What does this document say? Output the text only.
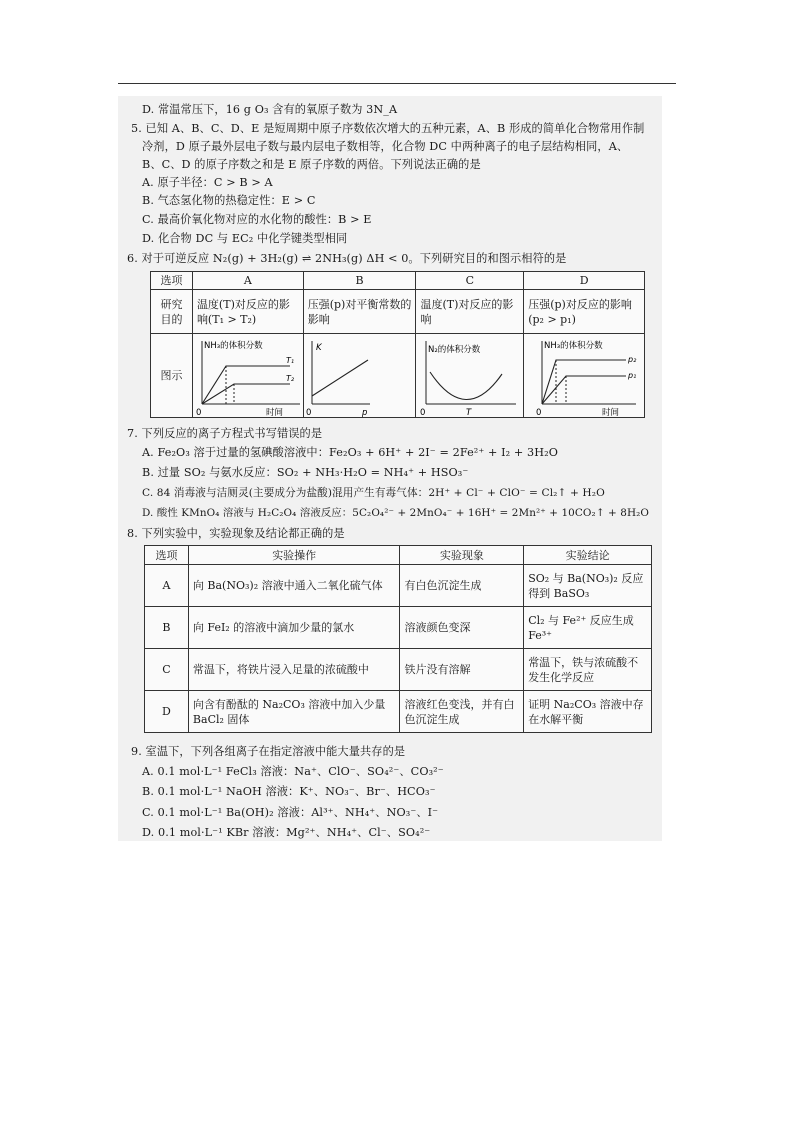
D. 常温常压下，16 g O₃ 含有的氧原子数为 3N_A
5. 已知 A、B、C、D、E 是短周期中原子序数依次增大的五种元素，A、B 形成的简单化合物常用作制
冷剂，D 原子最外层电子数与最内层电子数相等，化合物 DC 中两种离子的电子层结构相同，A、
B、C、D 的原子序数之和是 E 原子序数的两倍。下列说法正确的是
A. 原子半径：C > B > A
B. 气态氢化物的热稳定性：E > C
C. 最高价氧化物对应的水化物的酸性：B > E
D. 化合物 DC 与 EC₂ 中化学键类型相同
6. 对于可逆反应 N₂(g) + 3H₂(g) ⇌ 2NH₃(g) ΔH < 0。下列研究目的和图示相符的是
选项	A	B	C	D
研究目的	温度(T)对反应的影响(T₁ > T₂)	压强(p)对平衡常数的影响	温度(T)对反应的影响	压强(p)对反应的影响(p₂ > p₁)
图示				
NH₃的体积分数
时间
0
T₁
T₂
K
p
0
N₂的体积分数
T
0
NH₃的体积分数
时间
0
p₂
p₁
7. 下列反应的离子方程式书写错误的是
A. Fe₂O₃ 溶于过量的氢碘酸溶液中：Fe₂O₃ + 6H⁺ + 2I⁻ = 2Fe²⁺ + I₂ + 3H₂O
B. 过量 SO₂ 与氨水反应：SO₂ + NH₃·H₂O = NH₄⁺ + HSO₃⁻
C. 84 消毒液与洁厕灵(主要成分为盐酸)混用产生有毒气体：2H⁺ + Cl⁻ + ClO⁻ = Cl₂↑ + H₂O
D. 酸性 KMnO₄ 溶液与 H₂C₂O₄ 溶液反应：5C₂O₄²⁻ + 2MnO₄⁻ + 16H⁺ = 2Mn²⁺ + 10CO₂↑ + 8H₂O
8. 下列实验中，实验现象及结论都正确的是
选项	实验操作	实验现象	实验结论
A	向 Ba(NO₃)₂ 溶液中通入二氧化硫气体	有白色沉淀生成	SO₂ 与 Ba(NO₃)₂ 反应得到 BaSO₃
B	向 FeI₂ 的溶液中滴加少量的氯水	溶液颜色变深	Cl₂ 与 Fe²⁺ 反应生成 Fe³⁺
C	常温下，将铁片浸入足量的浓硫酸中	铁片没有溶解	常温下，铁与浓硫酸不发生化学反应
D	向含有酚酞的 Na₂CO₃ 溶液中加入少量 BaCl₂ 固体	溶液红色变浅，并有白色沉淀生成	证明 Na₂CO₃ 溶液中存在水解平衡
9. 室温下，下列各组离子在指定溶液中能大量共存的是
A. 0.1 mol·L⁻¹ FeCl₃ 溶液：Na⁺、ClO⁻、SO₄²⁻、CO₃²⁻
B. 0.1 mol·L⁻¹ NaOH 溶液：K⁺、NO₃⁻、Br⁻、HCO₃⁻
C. 0.1 mol·L⁻¹ Ba(OH)₂ 溶液：Al³⁺、NH₄⁺、NO₃⁻、I⁻
D. 0.1 mol·L⁻¹ KBr 溶液：Mg²⁺、NH₄⁺、Cl⁻、SO₄²⁻
